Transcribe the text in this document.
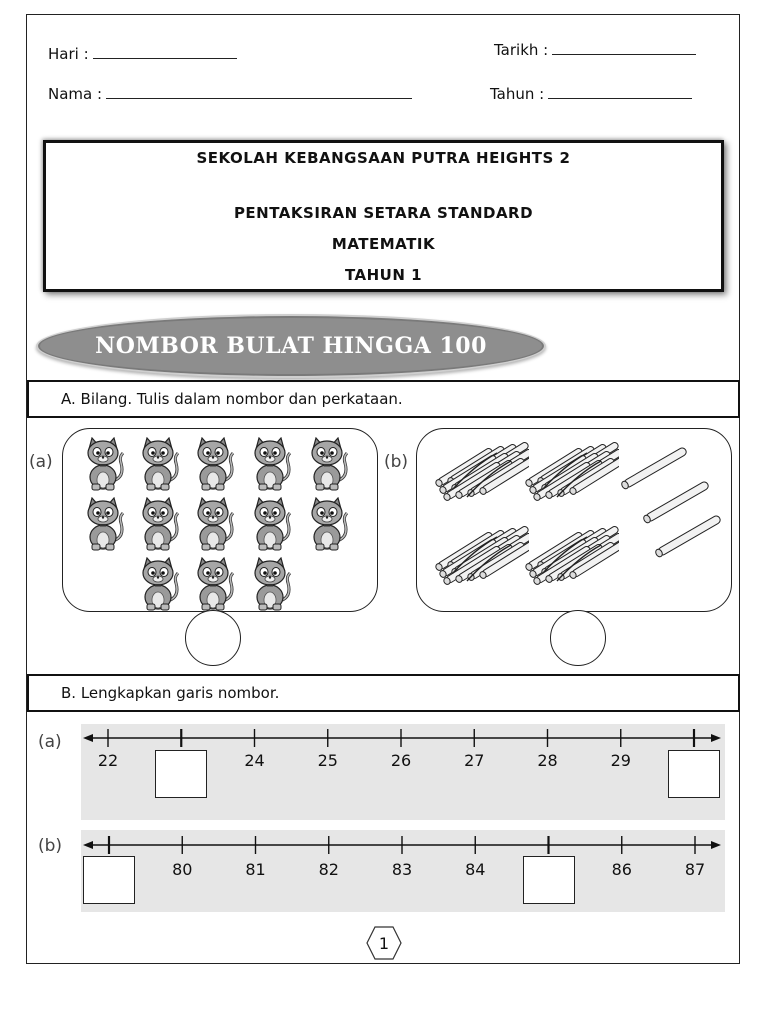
Hari :	Tarikh :
Nama :	Tahun :
SEKOLAH KEBANGSAAN PUTRA HEIGHTS 2
PENTAKSIRAN SETARA STANDARD
MATEMATIK
TAHUN 1
NOMBOR BULAT HINGGA 100
A. Bilang. Tulis dalam nombor dan perkataan.
(a)	(b)
B. Lengkapkan garis nombor.
(a)
22	24	25	26	27	28	29
(b)
80	81	82	83	84	86	87
1
